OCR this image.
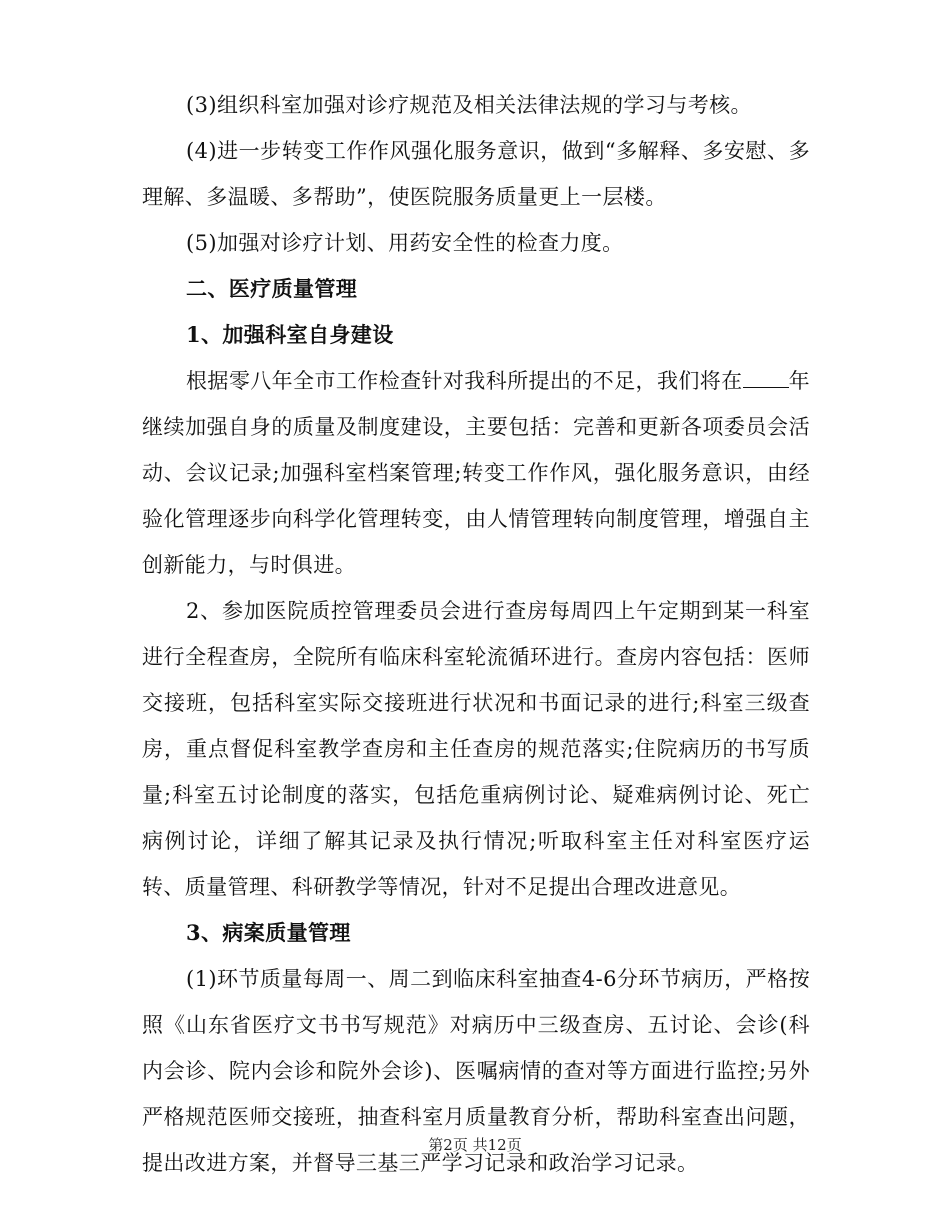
(3)组织科室加强对诊疗规范及相关法律法规的学习与考核。

(4)进一步转变工作作风强化服务意识，做到“多解释、多安慰、多理解、多温暖、多帮助”，使医院服务质量更上一层楼。

(5)加强对诊疗计划、用药安全性的检查力度。

二、医疗质量管理

1、加强科室自身建设

根据零八年全市工作检查针对我科所提出的不足，我们将在 年继续加强自身的质量及制度建设，主要包括：完善和更新各项委员会活动、会议记录;加强科室档案管理;转变工作作风，强化服务意识，由经验化管理逐步向科学化管理转变，由人情管理转向制度管理，增强自主创新能力，与时俱进。

2、参加医院质控管理委员会进行查房每周四上午定期到某一科室进行全程查房，全院所有临床科室轮流循环进行。查房内容包括：医师交接班，包括科室实际交接班进行状况和书面记录的进行;科室三级查房，重点督促科室教学查房和主任查房的规范落实;住院病历的书写质量;科室五讨论制度的落实，包括危重病例讨论、疑难病例讨论、死亡病例讨论，详细了解其记录及执行情况;听取科室主任对科室医疗运转、质量管理、科研教学等情况，针对不足提出合理改进意见。

3、病案质量管理

(1)环节质量每周一、周二到临床科室抽查4-6分环节病历，严格按照《山东省医疗文书书写规范》对病历中三级查房、五讨论、会诊(科内会诊、院内会诊和院外会诊)、医嘱病情的查对等方面进行监控;另外严格规范医师交接班，抽查科室月质量教育分析，帮助科室查出问题，提出改进方案，并督导三基三严学习记录和政治学习记录。

第2页 共12页
